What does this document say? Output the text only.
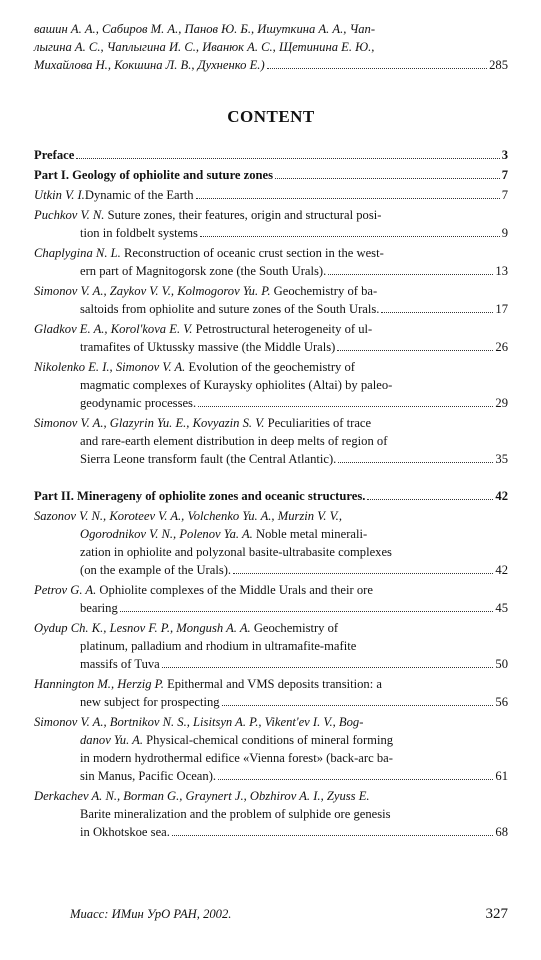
вашин А. А., Сабиров М. А., Панов Ю. Б., Ишуткина А. А., Чап-
лыгина А. С., Чаплыгина И. С., Иванюк А. С., Щетинина Е. Ю.,
Михайлова Н., Кокшина Л. В., Духненко Е.)	285
CONTENT
Preface	3
Part I. Geology of ophiolite and suture zones	7
Utkin V. I. Dynamic of the Earth	7
Puchkov V. N. Suture zones, their features, origin and structural posi-
tion in foldbelt systems	9
Chaplygina N. L. Reconstruction of oceanic crust section in the west-
ern part of Magnitogorsk zone (the South Urals).	13
Simonov V. A., Zaykov V. V., Kolmogorov Yu. P. Geochemistry of ba-
saltoids from ophiolite and suture zones of the South Urals.	17
Gladkov E. A., Korol'kova E. V. Petrostructural heterogeneity of ul-
tramafites of Uktussky massive (the Middle Urals)	26
Nikolenko E. I., Simonov V. A. Evolution of the geochemistry of
magmatic complexes of Kuraysky ophiolites (Altai) by paleo-
geodynamic processes.	29
Simonov V. A., Glazyrin Yu. E., Kovyazin S. V. Peculiarities of trace
and rare-earth element distribution in deep melts of region of
Sierra Leone transform fault (the Central Atlantic).	35
Part II. Minerageny of ophiolite zones and oceanic structures.	42
Sazonov V. N., Koroteev V. A., Volchenko Yu. A., Murzin V. V.,
Ogorodnikov V. N., Polenov Ya. A. Noble metal minerali-
zation in ophiolite and polyzonal basite-ultrabasite complexes
(on the example of the Urals).	42
Petrov G. A. Ophiolite complexes of the Middle Urals and their ore
bearing	45
Oydup Ch. K., Lesnov F. P., Mongush A. A. Geochemistry of
platinum, palladium and rhodium in ultramafite-mafite
massifs of Tuva	50
Hannington M., Herzig P. Epithermal and VMS deposits transition: a
new subject for prospecting	56
Simonov V. A., Bortnikov N. S., Lisitsyn A. P., Vikent'ev I. V., Bog-
danov Yu. A. Physical-chemical conditions of mineral forming
in modern hydrothermal edifice «Vienna forest» (back-arc ba-
sin Manus, Pacific Ocean).	61
Derkachev A. N., Borman G., Graynert J., Obzhirov A. I., Zyuss E.
Barite mineralization and the problem of sulphide ore genesis
in Okhotskoe sea.	68
Миасс: ИМин УрО РАН, 2002.	327
